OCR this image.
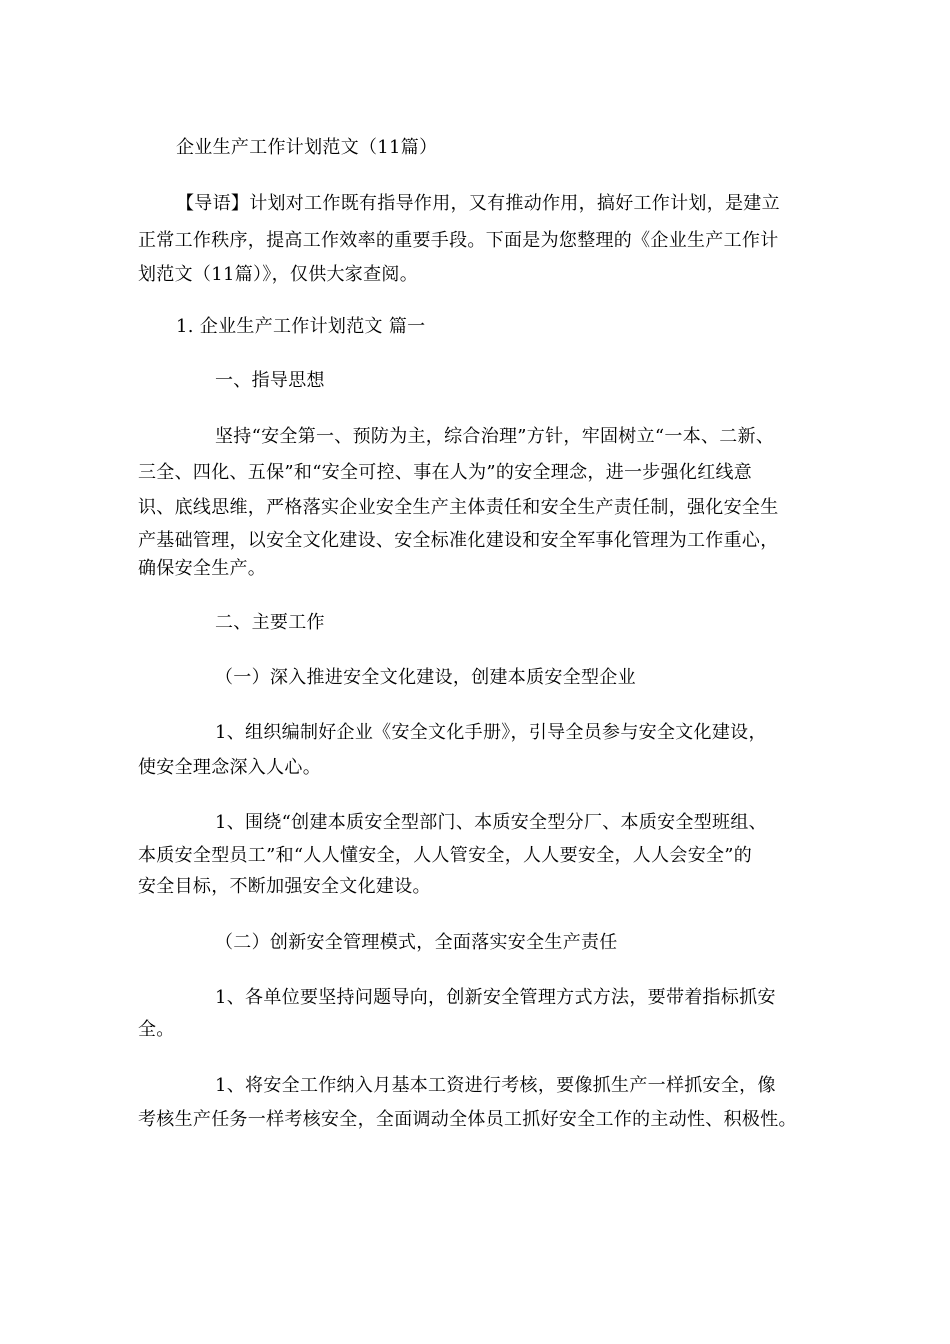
企业生产工作计划范文（11篇）
【导语】计划对工作既有指导作用，又有推动作用，搞好工作计划，是建立
正常工作秩序，提高工作效率的重要手段。下面是为您整理的《企业生产工作计
划范文（11篇）》，仅供大家查阅。
1. 企业生产工作计划范文 篇一
一、指导思想
坚持“安全第一、预防为主，综合治理”方针，牢固树立“一本、二新、
三全、四化、五保”和“安全可控、事在人为”的安全理念，进一步强化红线意
识、底线思维，严格落实企业安全生产主体责任和安全生产责任制，强化安全生
产基础管理，以安全文化建设、安全标准化建设和安全军事化管理为工作重心，
确保安全生产。
二、主要工作
（一）深入推进安全文化建设，创建本质安全型企业
1、组织编制好企业《安全文化手册》，引导全员参与安全文化建设，
使安全理念深入人心。
1、围绕“创建本质安全型部门、本质安全型分厂、本质安全型班组、
本质安全型员工”和“人人懂安全，人人管安全，人人要安全，人人会安全”的
安全目标，不断加强安全文化建设。
（二）创新安全管理模式，全面落实安全生产责任
1、各单位要坚持问题导向，创新安全管理方式方法，要带着指标抓安
全。
1、将安全工作纳入月基本工资进行考核，要像抓生产一样抓安全，像
考核生产任务一样考核安全，全面调动全体员工抓好安全工作的主动性、积极性。
